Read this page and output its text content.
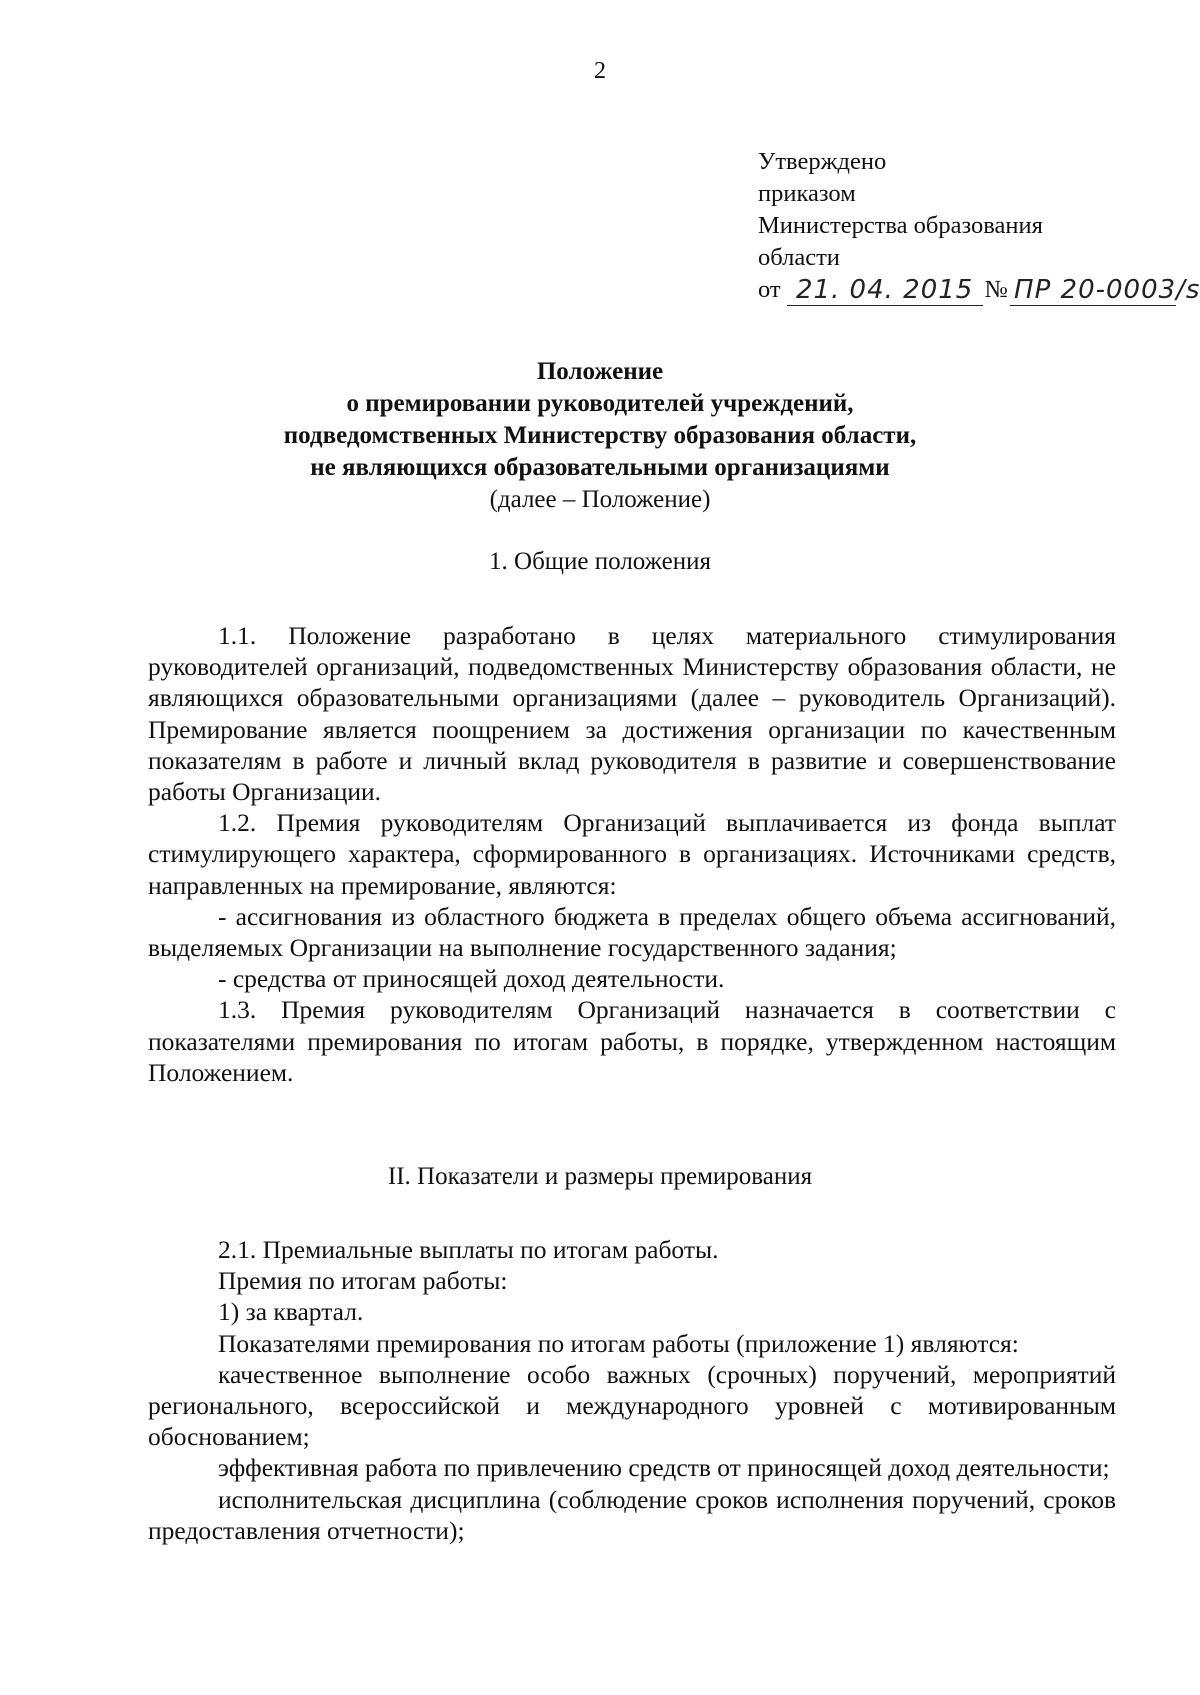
2
Утверждено
приказом
Министерства образования
области
от 21. 04. 2015 № ПР 20-0003/s
Положение
о премировании руководителей учреждений,
подведомственных Министерству образования области,
не являющихся образовательными организациями
(далее – Положение)
1. Общие положения

1.1. Положение разработано в целях материального стимулирования руководителей организаций, подведомственных Министерству образования области, не являющихся образовательными организациями (далее – руководитель Организаций). Премирование является поощрением за достижения организации по качественным показателям в работе и личный вклад руководителя в развитие и совершенствование работы Организации.

1.2. Премия руководителям Организаций выплачивается из фонда выплат стимулирующего характера, сформированного в организациях. Источниками средств, направленных на премирование, являются:

- ассигнования из областного бюджета в пределах общего объема ассигнований, выделяемых Организации на выполнение государственного задания;

- средства от приносящей доход деятельности.

1.3. Премия руководителям Организаций назначается в соответствии с показателями премирования по итогам работы, в порядке, утвержденном настоящим Положением.

II. Показатели и размеры премирования

2.1. Премиальные выплаты по итогам работы.

Премия по итогам работы:

1) за квартал.

Показателями премирования по итогам работы (приложение 1) являются:

качественное выполнение особо важных (срочных) поручений, мероприятий регионального, всероссийской и международного уровней с мотивированным обоснованием;

эффективная работа по привлечению средств от приносящей доход деятельности;

исполнительская дисциплина (соблюдение сроков исполнения поручений, сроков предоставления отчетности);
